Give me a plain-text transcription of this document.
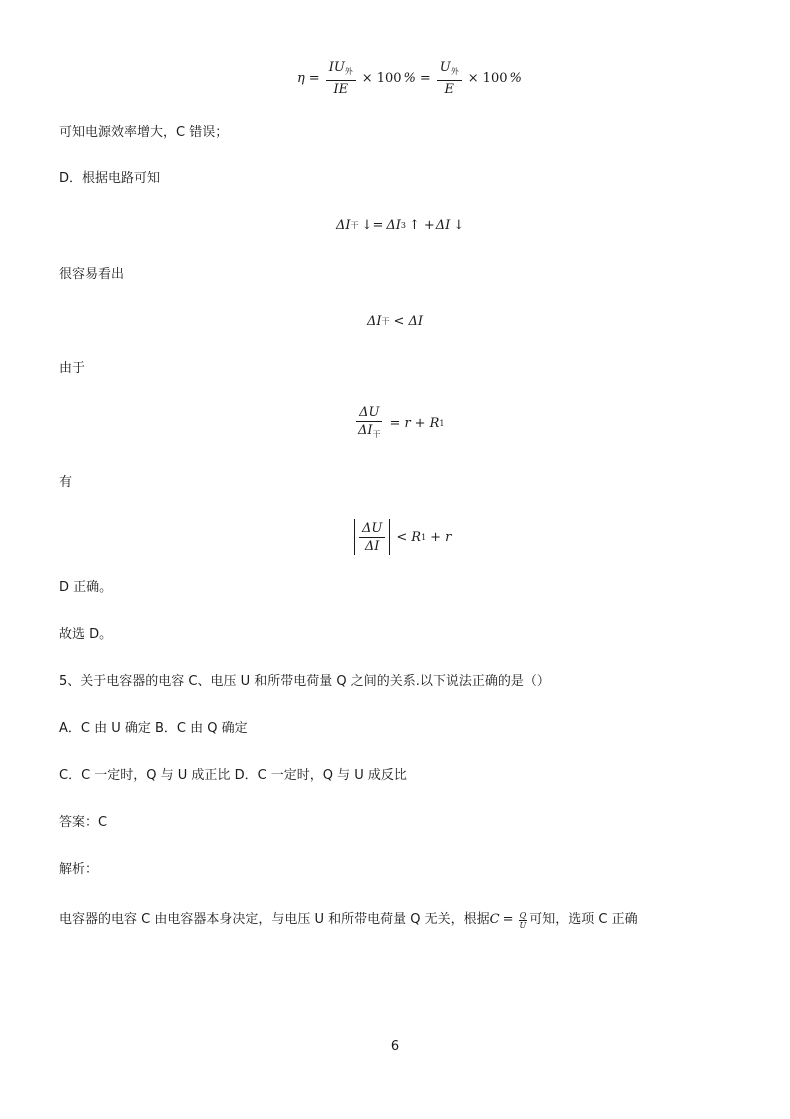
$\eta = \frac{IU_外}{IE} \times 100$ % = $\frac{U_外}{E} \times 100$ %
可知电源效率增大，C 错误；
D．根据电路可知
ΔI 干 ↓ = ΔI 3 ↑ + ΔI ↓
很容易看出
ΔI 干 < ΔI
由于
$\frac{\Delta U}{\Delta I_干} = r + R$ 1
有
$\frac{\Delta U}{\Delta I} < R$ 1 + r
D 正确。
故选 D。
5、关于电容器的电容 C、电压 U 和所带电荷量 Q 之间的关系.以下说法正确的是（）
A．C 由 U 确定 B．C 由 Q 确定
C．C 一定时，Q 与 U 成正比 D．C 一定时，Q 与 U 成反比
答案：C
解析：
电容器的电容 C 由电容器本身决定，与电压 U 和所带电荷量 Q 无关，根据 $C = \frac{Q}{U}$ 可知，选项 C 正确
6
